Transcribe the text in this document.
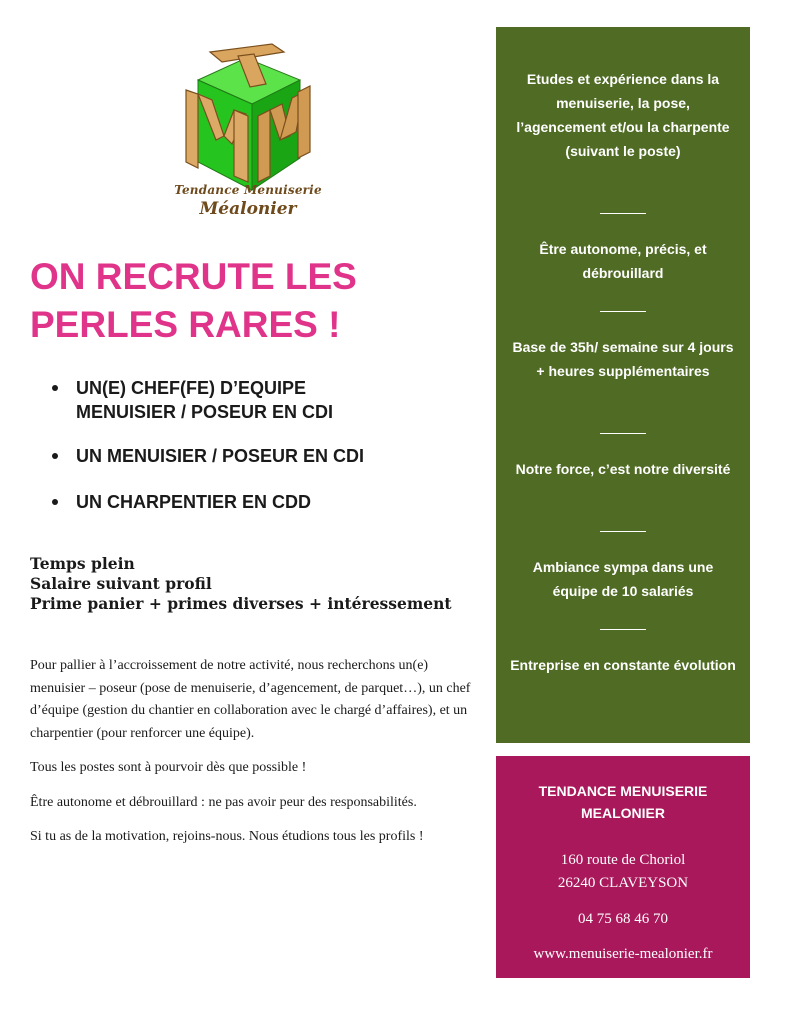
Tendance Menuiserie
Méalonier
ON RECRUTE LES PERLES RARES !
UN(E) CHEF(FE) D’EQUIPE
MENUISIER / POSEUR EN CDI
UN MENUISIER / POSEUR EN CDI
UN CHARPENTIER EN CDD
Temps plein
Salaire suivant profil
Prime panier + primes diverses + intéressement

Pour pallier à l’accroissement de notre activité, nous recherchons un(e) menuisier – poseur (pose de menuiserie, d’agencement, de parquet…), un chef d’équipe (gestion du chantier en collaboration avec le chargé d’affaires), et un charpentier (pour renforcer une équipe).

Tous les postes sont à pourvoir dès que possible !

Être autonome et débrouillard : ne pas avoir peur des responsabilités.

Si tu as de la motivation, rejoins-nous. Nous étudions tous les profils !

Etudes et expérience dans la menuiserie, la pose, l’agencement et/ou la charpente (suivant le poste)
Être autonome, précis, et débrouillard
Base de 35h/ semaine sur 4 jours + heures supplémentaires
Notre force, c’est notre diversité
Ambiance sympa dans une équipe de 10 salariés
Entreprise en constante évolution
TENDANCE MENUISERIE MEALONIER
160 route de Choriol
26240 CLAVEYSON
04 75 68 46 70
www.menuiserie-mealonier.fr
